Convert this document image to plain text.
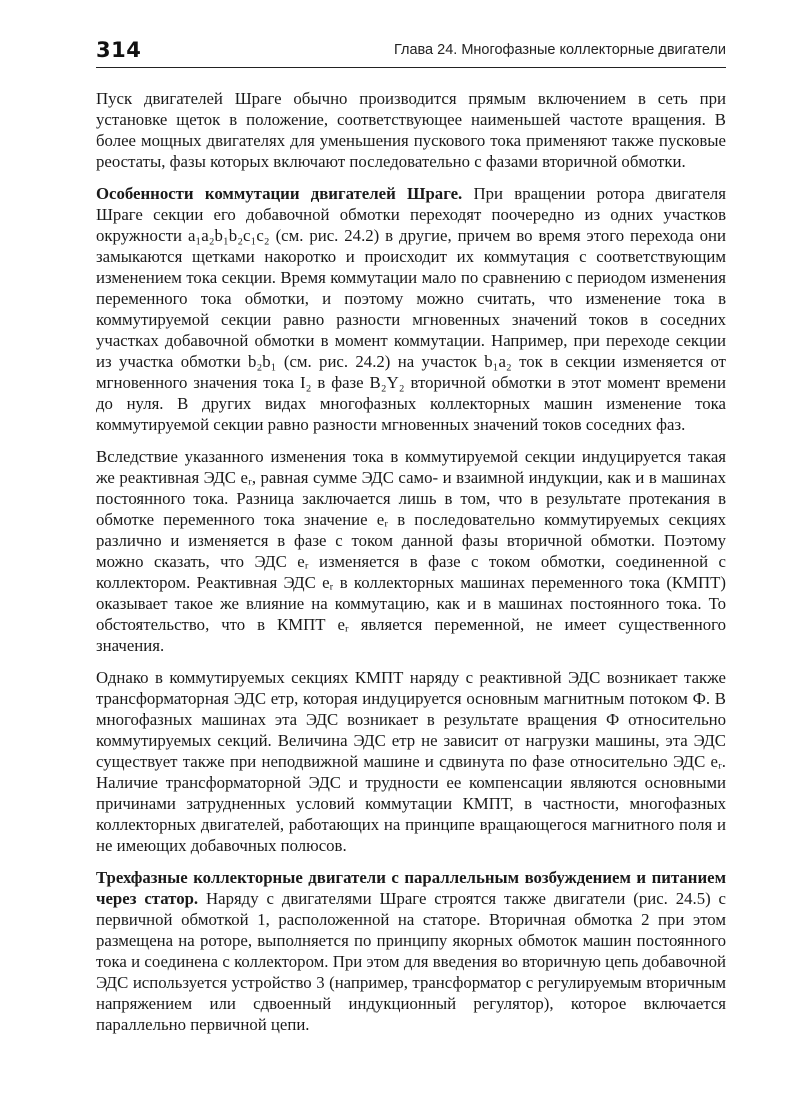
314	Глава 24. Многофазные коллекторные двигатели

Пуск двигателей Шраге обычно производится прямым включением в сеть при установке щеток в положение, соответствующее наименьшей частоте вращения. В более мощных двигателях для уменьшения пускового тока применяют также пусковые реостаты, фазы которых включают последовательно с фазами вторичной обмотки.

Особенности коммутации двигателей Шраге. При вращении ротора двигателя Шраге секции его добавочной обмотки переходят поочередно из одних участков окружности a₁a₂b₁b₂c₁c₂ (см. рис. 24.2) в другие, причем во время этого перехода они замыкаются щетками накоротко и происходит их коммутация с соответствующим изменением тока секции. Время коммутации мало по сравнению с периодом изменения переменного тока обмотки, и поэтому можно считать, что изменение тока в коммутируемой секции равно разности мгновенных значений токов в соседних участках добавочной обмотки в момент коммутации. Например, при переходе секции из участка обмотки b₂b₁ (см. рис. 24.2) на участок b₁a₂ ток в секции изменяется от мгновенного значения тока I₂ в фазе B₂Y₂ вторичной обмотки в этот момент времени до нуля. В других видах многофазных коллекторных машин изменение тока коммутируемой секции равно разности мгновенных значений токов соседних фаз.

Вследствие указанного изменения тока в коммутируемой секции индуцируется такая же реактивная ЭДС eᵣ, равная сумме ЭДС само- и взаимной индукции, как и в машинах постоянного тока. Разница заключается лишь в том, что в результате протекания в обмотке переменного тока значение eᵣ в последовательно коммутируемых секциях различно и изменяется в фазе с током данной фазы вторичной обмотки. Поэтому можно сказать, что ЭДС eᵣ изменяется в фазе с током обмотки, соединенной с коллектором. Реактивная ЭДС eᵣ в коллекторных машинах переменного тока (КМПТ) оказывает такое же влияние на коммутацию, как и в машинах постоянного тока. То обстоятельство, что в КМПТ eᵣ является переменной, не имеет существенного значения.

Однако в коммутируемых секциях КМПТ наряду с реактивной ЭДС возникает также трансформаторная ЭДС eтр, которая индуцируется основным магнитным потоком Ф. В многофазных машинах эта ЭДС возникает в результате вращения Ф относительно коммутируемых секций. Величина ЭДС eтр не зависит от нагрузки машины, эта ЭДС существует также при неподвижной машине и сдвинута по фазе относительно ЭДС eᵣ. Наличие трансформаторной ЭДС и трудности ее компенсации являются основными причинами затрудненных условий коммутации КМПТ, в частности, многофазных коллекторных двигателей, работающих на принципе вращающегося магнитного поля и не имеющих добавочных полюсов.

Трехфазные коллекторные двигатели с параллельным возбуждением и питанием через статор. Наряду с двигателями Шраге строятся также двигатели (рис. 24.5) с первичной обмоткой 1, расположенной на статоре. Вторичная обмотка 2 при этом размещена на роторе, выполняется по принципу якорных обмоток машин постоянного тока и соединена с коллектором. При этом для введения во вторичную цепь добавочной ЭДС используется устройство 3 (например, трансформатор с регулируемым вторичным напряжением или сдвоенный индукционный регулятор), которое включается параллельно первичной цепи.
